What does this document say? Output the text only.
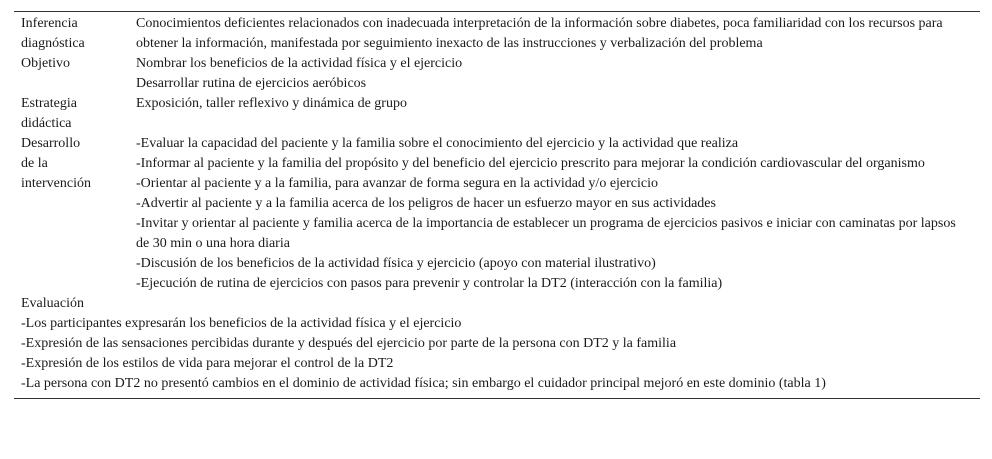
Inferencia
diagnóstica
Conocimientos deficientes relacionados con inadecuada interpretación de la información sobre diabetes, poca familiaridad con los recursos para obtener la información, manifestada por seguimiento inexacto de las instrucciones y verbalización del problema
Objetivo	Nombrar los beneficios de la actividad física y el ejercicio
Desarrollar rutina de ejercicios aeróbicos
Estrategia
didáctica
Exposición, taller reflexivo y dinámica de grupo
Desarrollo
de la
intervención
-Evaluar la capacidad del paciente y la familia sobre el conocimiento del ejercicio y la actividad que realiza
-Informar al paciente y la familia del propósito y del beneficio del ejercicio prescrito para mejorar la condición cardiovascular del organismo
-Orientar al paciente y a la familia, para avanzar de forma segura en la actividad y/o ejercicio
-Advertir al paciente y a la familia acerca de los peligros de hacer un esfuerzo mayor en sus actividades
-Invitar y orientar al paciente y familia acerca de la importancia de establecer un programa de ejercicios pasivos e iniciar con caminatas por lapsos de 30 min o una hora diaria
-Discusión de los beneficios de la actividad física y ejercicio (apoyo con material ilustrativo)
-Ejecución de rutina de ejercicios con pasos para prevenir y controlar la DT2 (interacción con la familia)
Evaluación
-Los participantes expresarán los beneficios de la actividad física y el ejercicio
-Expresión de las sensaciones percibidas durante y después del ejercicio por parte de la persona con DT2 y la familia
-Expresión de los estilos de vida para mejorar el control de la DT2
-La persona con DT2 no presentó cambios en el dominio de actividad física; sin embargo el cuidador principal mejoró en este dominio (tabla 1)
